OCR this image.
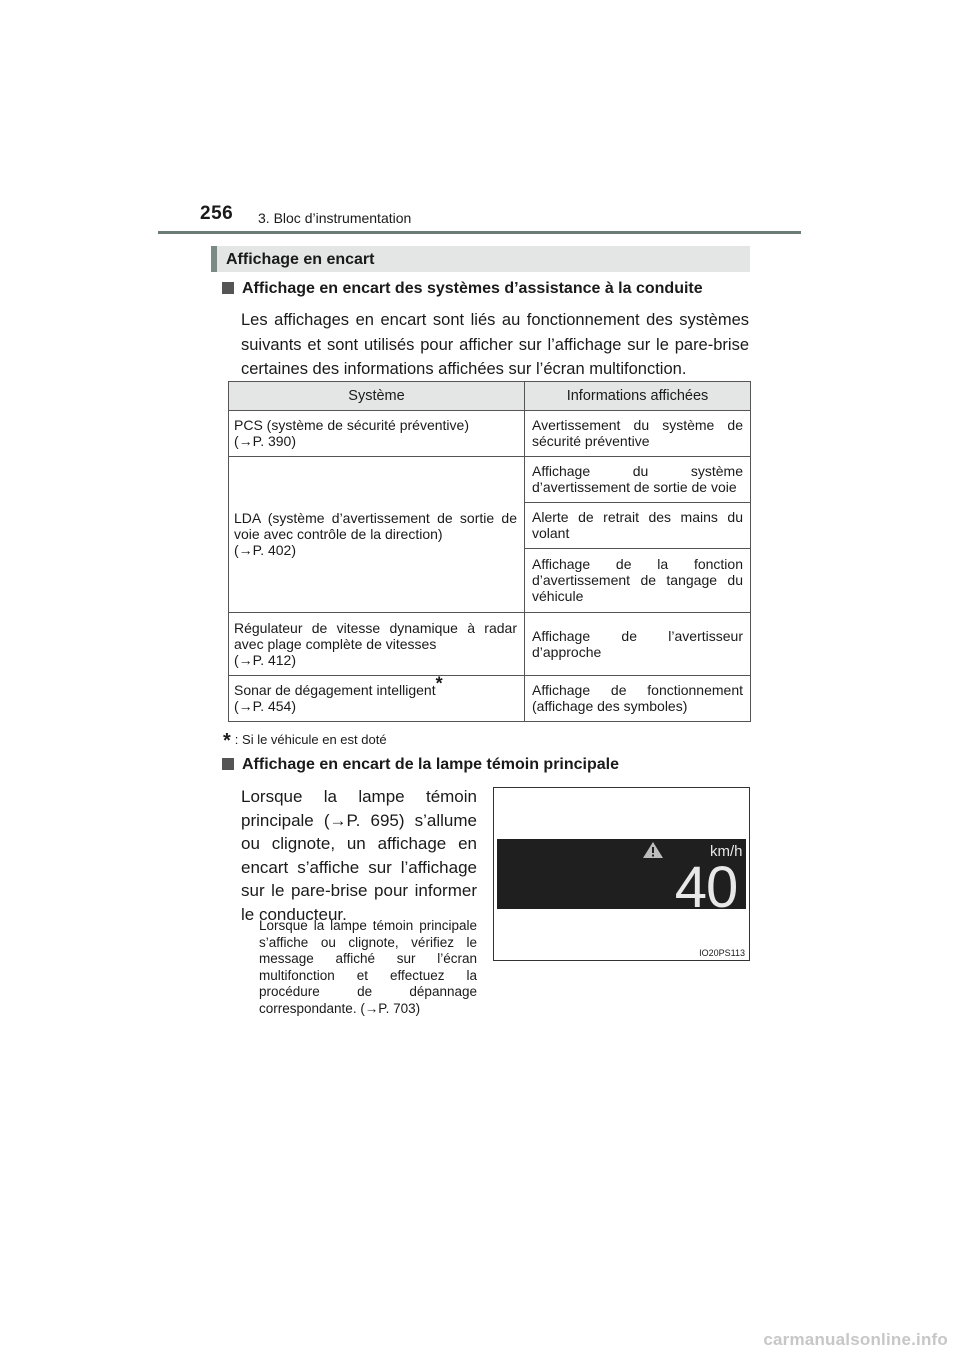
256 3. Bloc d’instrumentation
Affichage en encart
Affichage en encart des systèmes d’assistance à la conduite
Les affichages en encart sont liés au fonctionnement des systèmes suivants et sont utilisés pour afficher sur l’affichage sur le pare-brise certaines des informations affichées sur l’écran multifonction.
Système	Informations affichées
PCS (système de sécurité préventive)
(→P. 390)	Avertissement du système de sécurité préventive
LDA (système d’avertissement de sortie de voie avec contrôle de la direction)
(→P. 402)	Affichage du système d’avertissement de sortie de voie
	Alerte de retrait des mains du volant
	Affichage de la fonction d’avertissement de tangage du véhicule
Régulateur de vitesse dynamique à radar avec plage complète de vitesses
(→P. 412)	Affichage de l’avertisseur d’approche
Sonar de dégagement intelligent*
(→P. 454)	Affichage de fonctionnement (affichage des symboles)
* : Si le véhicule en est doté
Affichage en encart de la lampe témoin principale
Lorsque la lampe témoin principale (→P. 695) s’allume ou clignote, un affichage en encart s’affiche sur l’affichage sur le pare-brise pour informer le conducteur.
Lorsque la lampe témoin principale s’affiche ou clignote, vérifiez le message affiché sur l’écran multifonction et effectuez la procédure de dépannage correspondante. (→P. 703)
km/h
40
IO20PS113
carmanualsonline.info
